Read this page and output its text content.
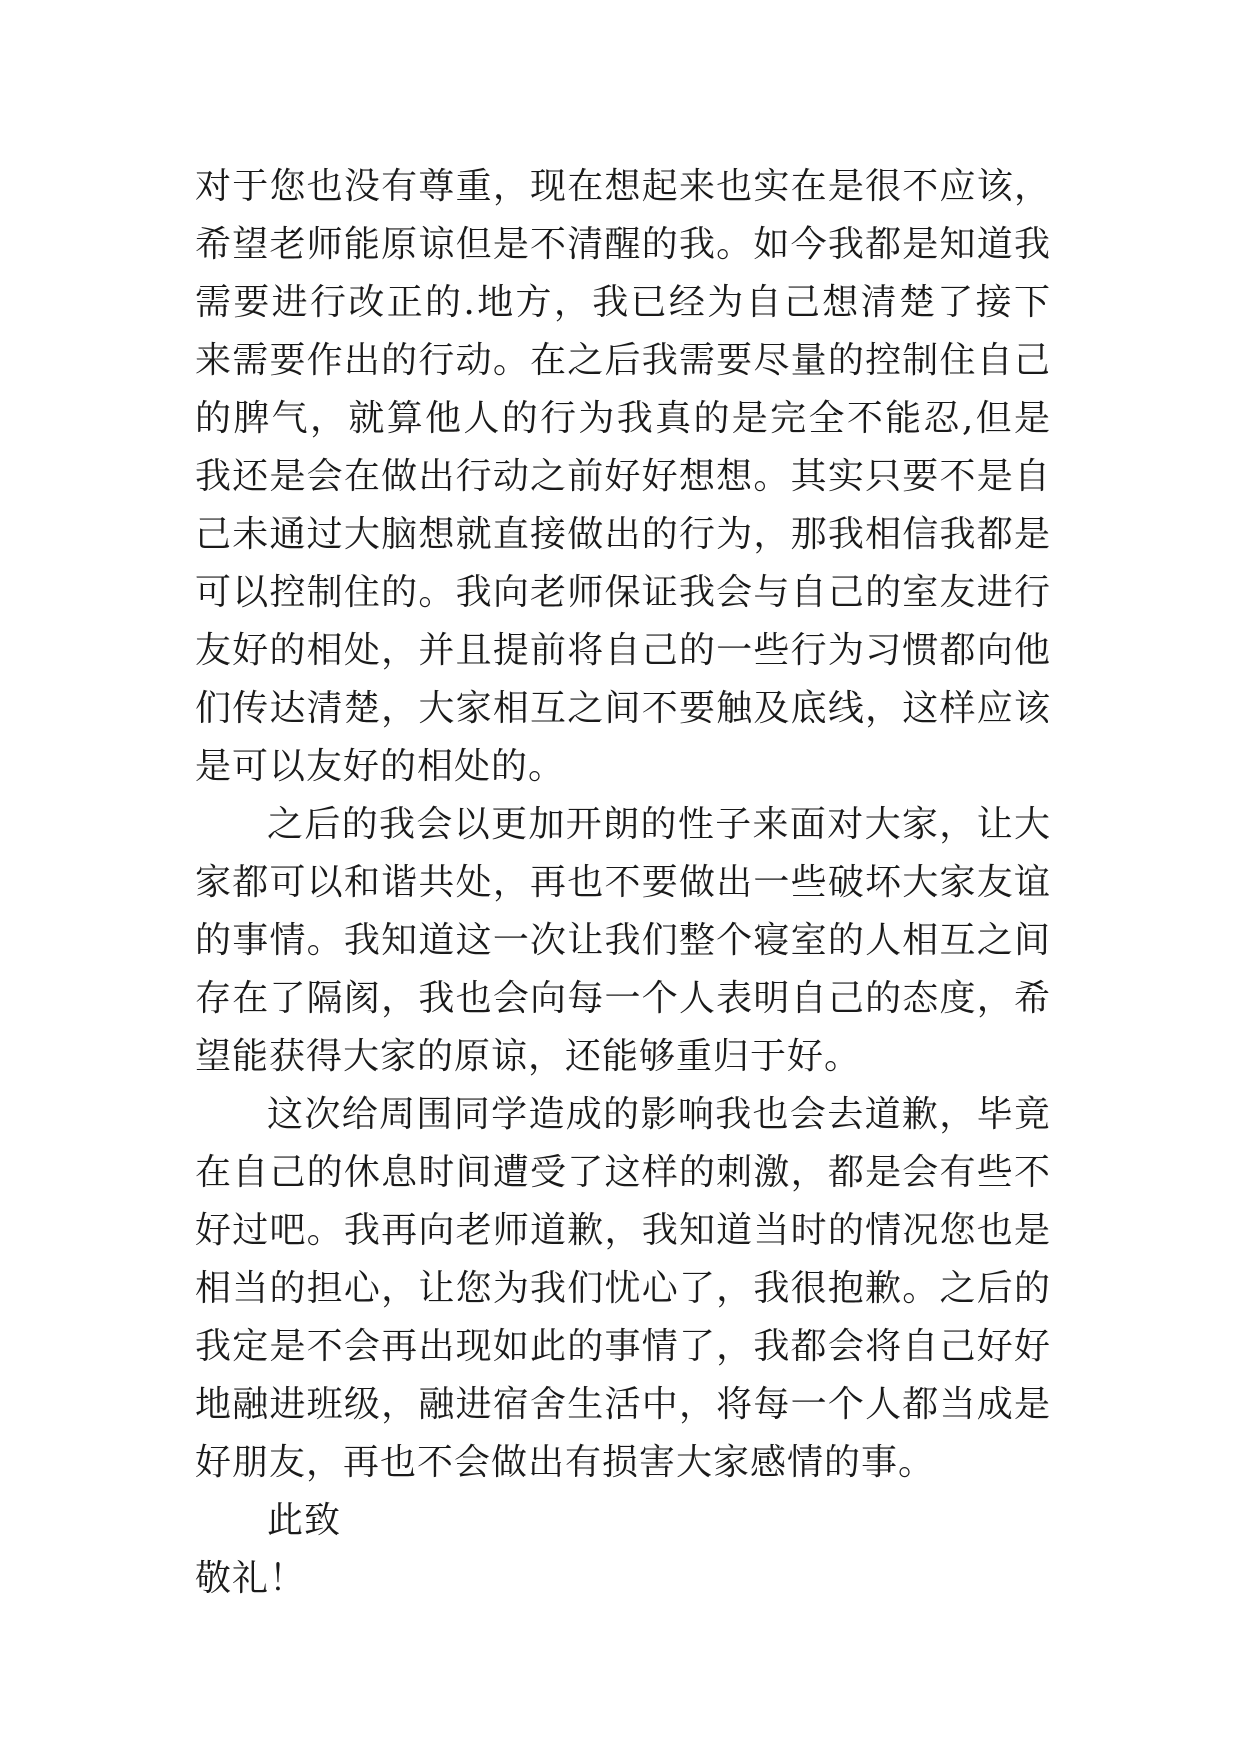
对于您也没有尊重，现在想起来也实在是很不应该，希望老师能原谅但是不清醒的我。如今我都是知道我需要进行改正的.地方，我已经为自己想清楚了接下来需要作出的行动。在之后我需要尽量的控制住自己的脾气，就算他人的行为我真的是完全不能忍,但是我还是会在做出行动之前好好想想。其实只要不是自己未通过大脑想就直接做出的行为，那我相信我都是可以控制住的。我向老师保证我会与自己的室友进行友好的相处，并且提前将自己的一些行为习惯都向他们传达清楚，大家相互之间不要触及底线，这样应该是可以友好的相处的。

之后的我会以更加开朗的性子来面对大家，让大家都可以和谐共处，再也不要做出一些破坏大家友谊的事情。我知道这一次让我们整个寝室的人相互之间存在了隔阂，我也会向每一个人表明自己的态度，希望能获得大家的原谅，还能够重归于好。

这次给周围同学造成的影响我也会去道歉，毕竟在自己的休息时间遭受了这样的刺激，都是会有些不好过吧。我再向老师道歉，我知道当时的情况您也是相当的担心，让您为我们忧心了，我很抱歉。之后的我定是不会再出现如此的事情了，我都会将自己好好地融进班级，融进宿舍生活中，将每一个人都当成是好朋友，再也不会做出有损害大家感情的事。

此致

敬礼！
